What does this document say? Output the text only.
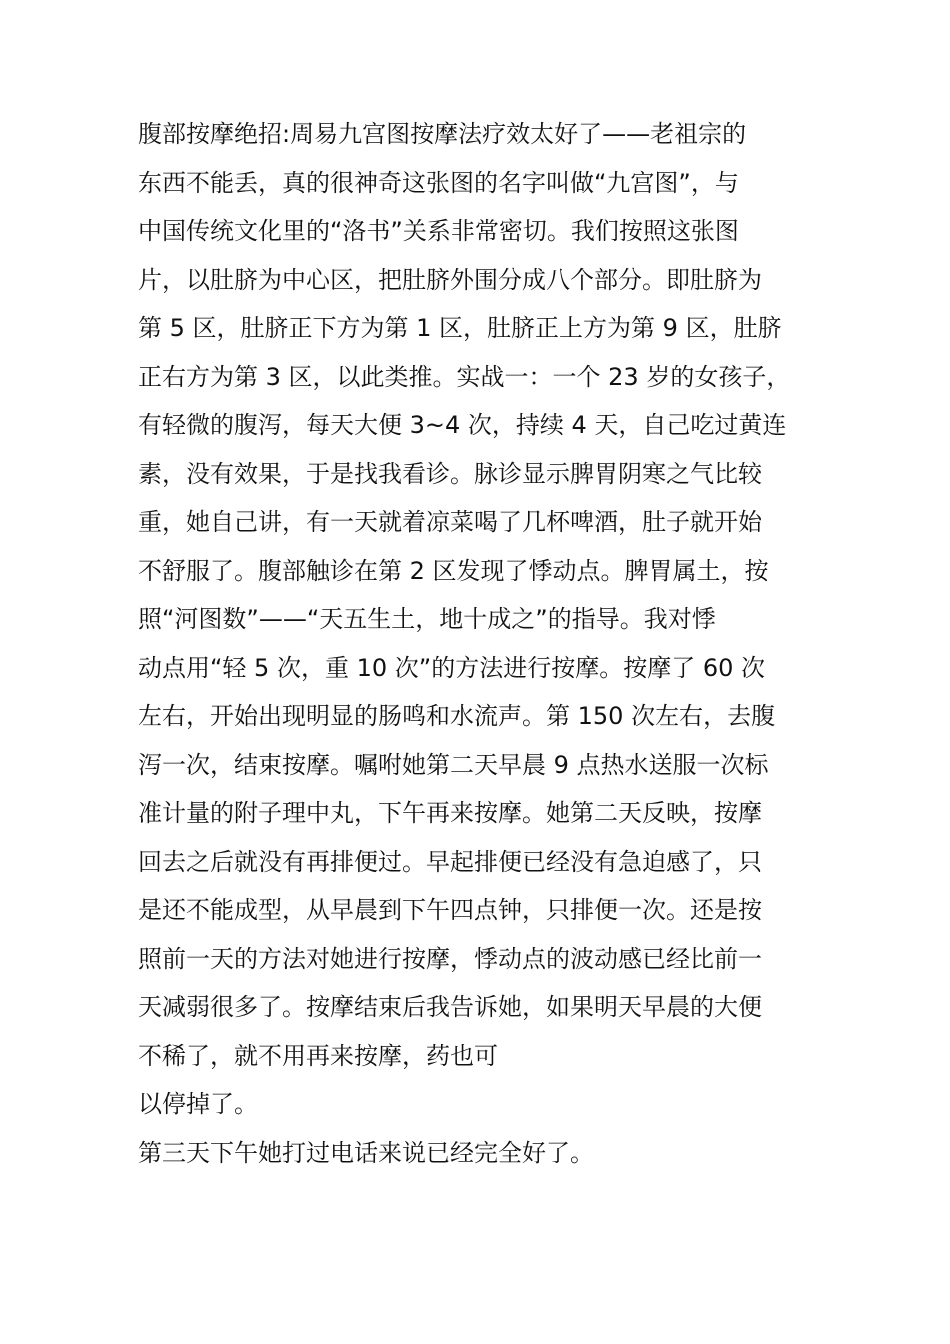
腹部按摩绝招:周易九宫图按摩法疗效太好了——老祖宗的
东西不能丢，真的很神奇这张图的名字叫做“九宫图”，与
中国传统文化里的“洛书”关系非常密切。我们按照这张图
片，以肚脐为中心区，把肚脐外围分成八个部分。即肚脐为
第 5 区，肚脐正下方为第 1 区，肚脐正上方为第 9 区，肚脐
正右方为第 3 区，以此类推。实战一：一个 23 岁的女孩子，
有轻微的腹泻，每天大便 3~4 次，持续 4 天，自己吃过黄连
素，没有效果，于是找我看诊。脉诊显示脾胃阴寒之气比较
重，她自己讲，有一天就着凉菜喝了几杯啤酒，肚子就开始
不舒服了。腹部触诊在第 2 区发现了悸动点。脾胃属土，按
照“河图数”——“天五生土，地十成之”的指导。我对悸
动点用“轻 5 次，重 10 次”的方法进行按摩。按摩了 60 次
左右，开始出现明显的肠鸣和水流声。第 150 次左右，去腹
泻一次，结束按摩。嘱咐她第二天早晨 9 点热水送服一次标
准计量的附子理中丸，下午再来按摩。她第二天反映，按摩
回去之后就没有再排便过。早起排便已经没有急迫感了，只
是还不能成型，从早晨到下午四点钟，只排便一次。还是按
照前一天的方法对她进行按摩，悸动点的波动感已经比前一
天减弱很多了。按摩结束后我告诉她，如果明天早晨的大便
不稀了，就不用再来按摩，药也可
以停掉了。
第三天下午她打过电话来说已经完全好了。
